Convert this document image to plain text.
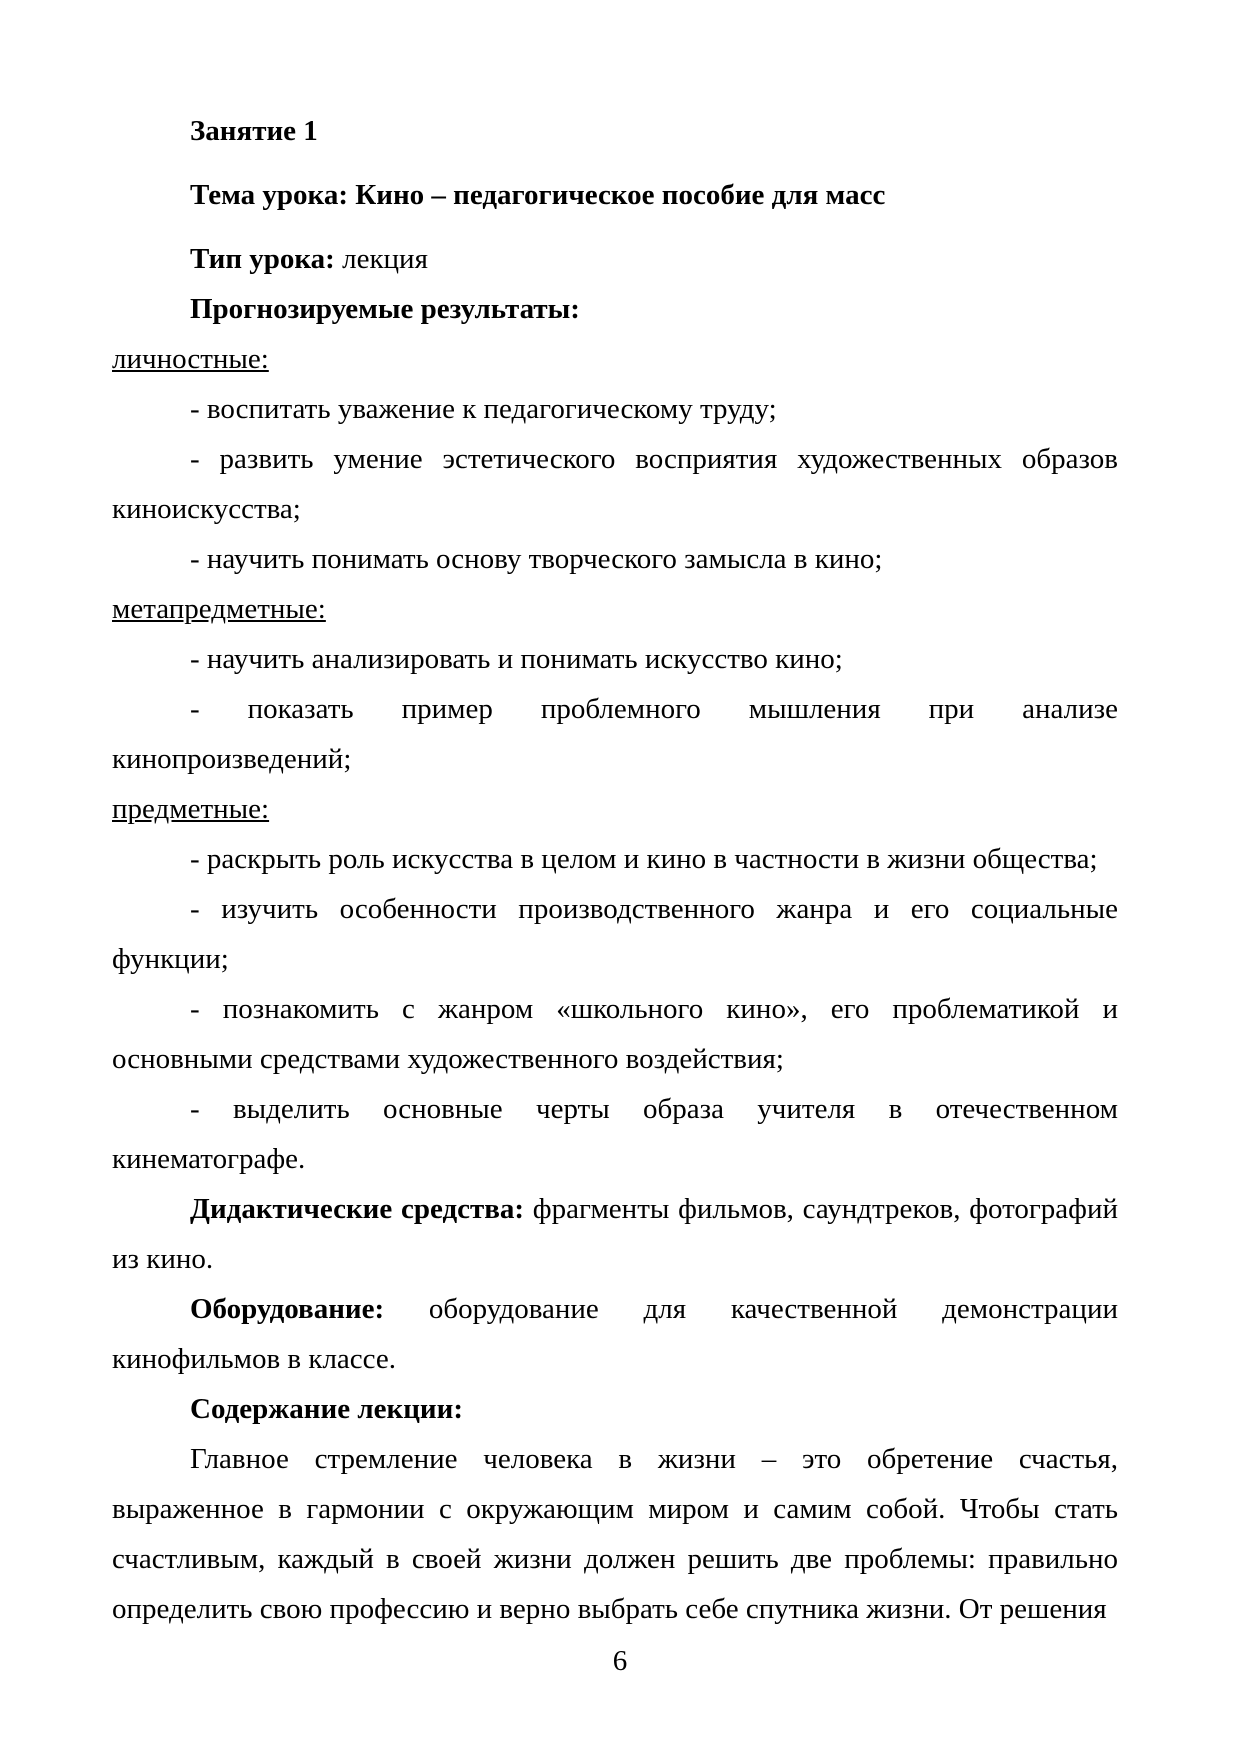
Занятие 1

Тема урока: Кино – педагогическое пособие для масс

Тип урока: лекция

Прогнозируемые результаты:

личностные:

- воспитать уважение к педагогическому труду;

- развить умение эстетического восприятия художественных образов киноискусства;

- научить понимать основу творческого замысла в кино;

метапредметные:

- научить анализировать и понимать искусство кино;

- показать пример проблемного мышления при анализе кинопроизведений;

предметные:

- раскрыть роль искусства в целом и кино в частности в жизни общества;

- изучить особенности производственного жанра и его социальные функции;

- познакомить с жанром «школьного кино», его проблематикой и основными средствами художественного воздействия;

- выделить основные черты образа учителя в отечественном кинематографе.

Дидактические средства: фрагменты фильмов, саундтреков, фотографий из кино.

Оборудование: оборудование для качественной демонстрации кинофильмов в классе.

Содержание лекции:

Главное стремление человека в жизни – это обретение счастья, выраженное в гармонии с окружающим миром и самим собой. Чтобы стать счастливым, каждый в своей жизни должен решить две проблемы: правильно определить свою профессию и верно выбрать себе спутника жизни. От решения

6
